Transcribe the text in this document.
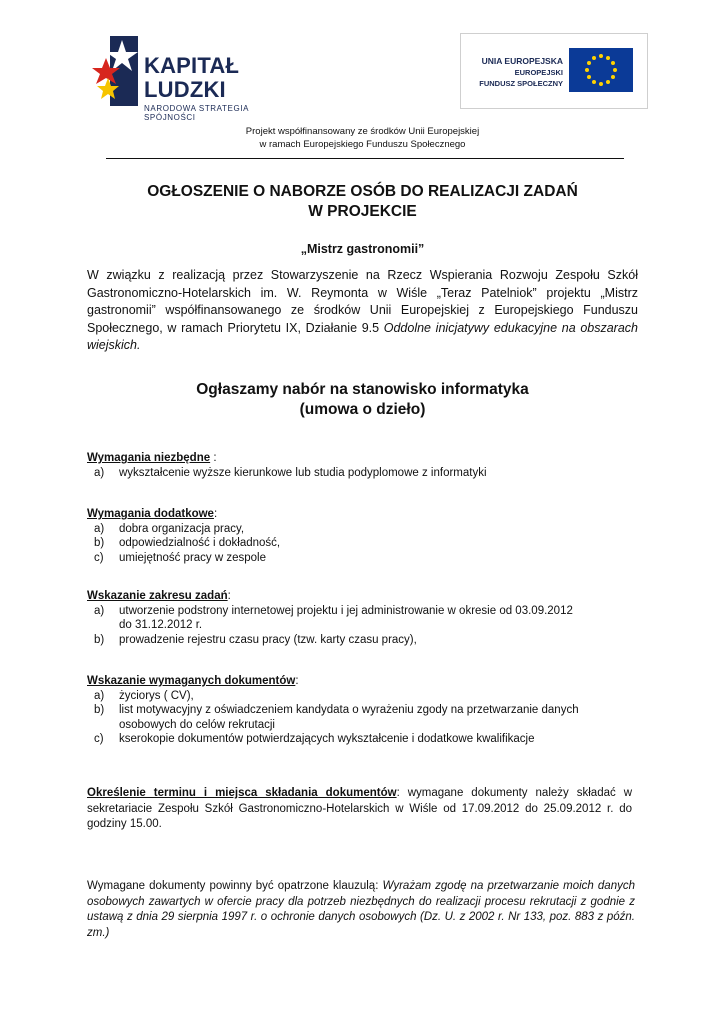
KAPITAŁ LUDZKI
NARODOWA STRATEGIA SPÓJNOŚCI
UNIA EUROPEJSKA
EUROPEJSKI
FUNDUSZ SPOŁECZNY
Projekt współfinansowany ze środków Unii Europejskiej
w ramach Europejskiego Funduszu Społecznego
OGŁOSZENIE O NABORZE OSÓB DO REALIZACJI ZADAŃ
W PROJEKCIE
„Mistrz gastronomii”
W związku z realizacją przez Stowarzyszenie na Rzecz Wspierania Rozwoju Zespołu Szkół Gastronomiczno-Hotelarskich im. W. Reymonta w Wiśle „Teraz Patelniok” projektu „Mistrz gastronomii” współfinansowanego ze środków Unii Europejskiej z Europejskiego Funduszu Społecznego, w ramach Priorytetu IX, Działanie 9.5 Oddolne inicjatywy edukacyjne na obszarach wiejskich.
Ogłaszamy nabór na stanowisko informatyka
(umowa o dzieło)
Wymagania niezbędne :
a) wykształcenie wyższe kierunkowe lub studia podyplomowe z informatyki
Wymagania dodatkowe:
a) dobra organizacja pracy,
b) odpowiedzialność i dokładność,
c) umiejętność pracy w zespole
Wskazanie zakresu zadań:
a) utworzenie podstrony internetowej projektu i jej administrowanie w okresie od 03.09.2012
do 31.12.2012 r.
b) prowadzenie rejestru czasu pracy (tzw. karty czasu pracy),
Wskazanie wymaganych dokumentów:
a) życiorys ( CV),
b) list motywacyjny z oświadczeniem kandydata o wyrażeniu zgody na przetwarzanie danych
osobowych do celów rekrutacji
c) kserokopie dokumentów potwierdzających wykształcenie i dodatkowe kwalifikacje
Określenie terminu i miejsca składania dokumentów: wymagane dokumenty należy składać w sekretariacie Zespołu Szkół Gastronomiczno-Hotelarskich w Wiśle od 17.09.2012 do 25.09.2012 r. do godziny 15.00.
Wymagane dokumenty powinny być opatrzone klauzulą: Wyrażam zgodę na przetwarzanie moich danych osobowych zawartych w ofercie pracy dla potrzeb niezbędnych do realizacji procesu rekrutacji z godnie z ustawą z dnia 29 sierpnia 1997 r. o ochronie danych osobowych (Dz. U. z 2002 r. Nr 133, poz. 883 z późn. zm.)
